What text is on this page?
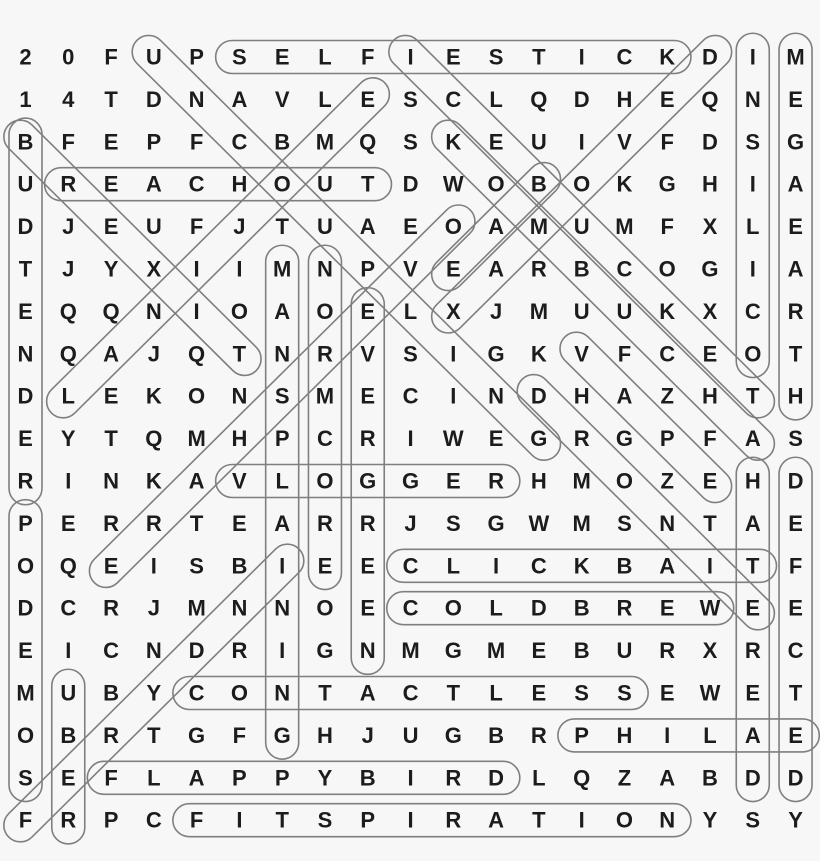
2 0 F U P S E L F I E S T I C K D I M
1 4 T D N A V L E S C L Q D H E Q N E
B F E P F C B M Q S K E U I V F D S G
U R E A C H O U T D W O B O K G H I A
D J E U F J T U A E O A M U M F X L E
T J Y X I I M N P V E A R B C O G I A
E Q Q N I O A O E L X J M U U K X C R
N Q A J Q T N R V S I G K V F C E O T
D L E K O N S M E C I N D H A Z H T H
E Y T Q M H P C R I W E G R G P F A S
R I N K A V L O G G E R H M O Z E H D
P E R R T E A R R J S G W M S N T A E
O Q E I S B I E E C L I C K B A I T F
D C R J M N N O E C O L D B R E W E E
E I C N D R I G N M G M E B U R X R C
M U B Y C O N T A C T L E S S E W E T
O B R T G F G H J U G B R P H I L A E
S E F L A P P Y B I R D L Q Z A B D D
F R P C F I T S P I R A T I O N Y S Y
